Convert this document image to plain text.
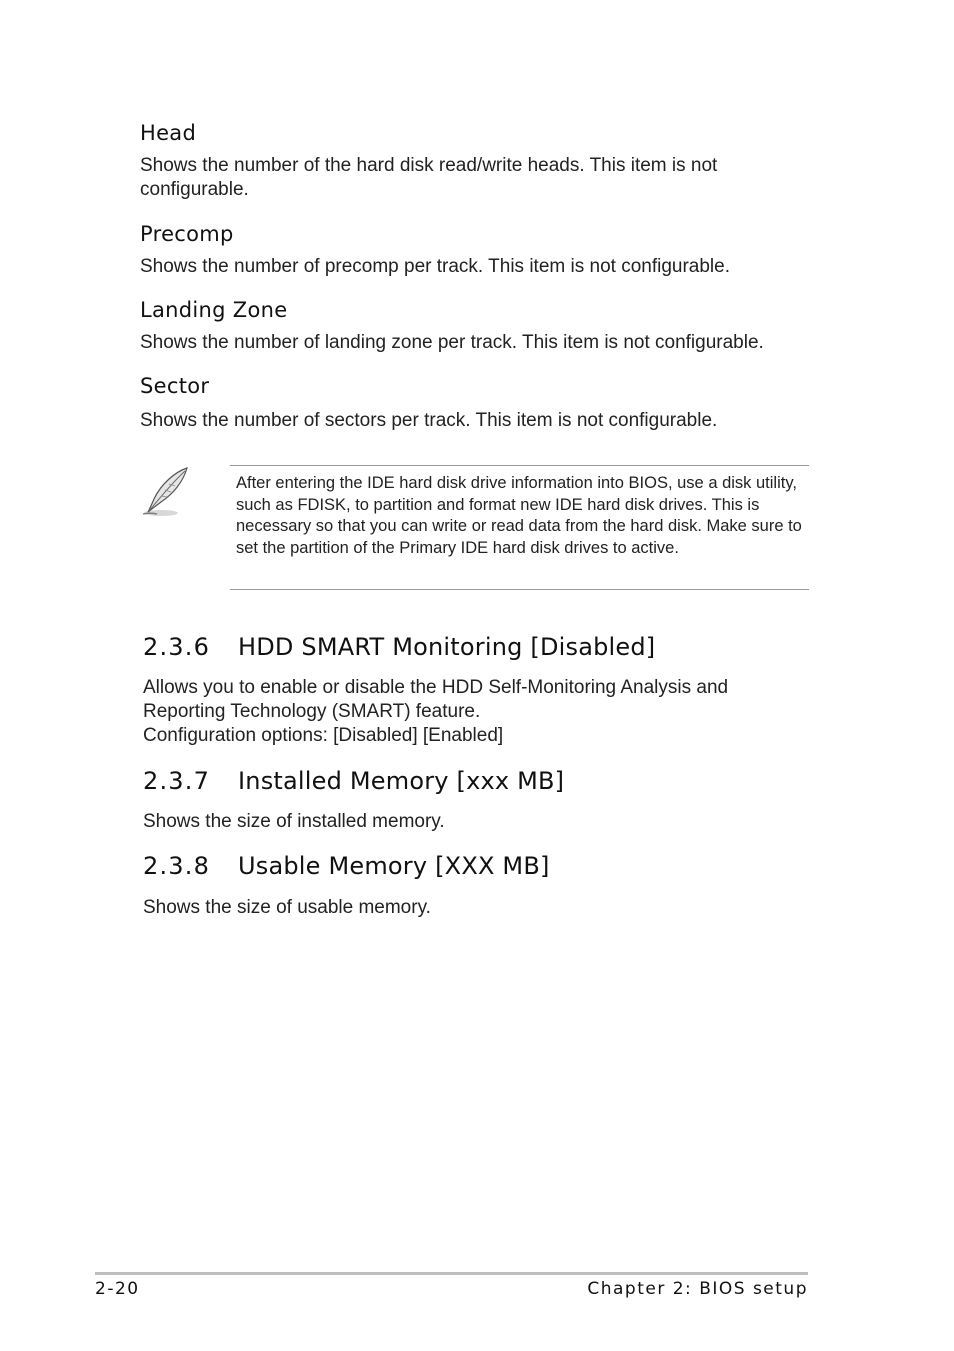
Head
Shows the number of the hard disk read/write heads. This item is not configurable.
Precomp
Shows the number of precomp per track. This item is not configurable.
Landing Zone
Shows the number of landing zone per track. This item is not configurable.
Sector
Shows the number of sectors per track. This item is not configurable.
After entering the IDE hard disk drive information into BIOS, use a disk utility, such as FDISK, to partition and format new IDE hard disk drives. This is necessary so that you can write or read data from the hard disk. Make sure to set the partition of the Primary IDE hard disk drives to active.
2.3.6 HDD SMART Monitoring [Disabled]
Allows you to enable or disable the HDD Self-Monitoring Analysis and
Reporting Technology (SMART) feature.
Configuration options: [Disabled] [Enabled]
2.3.7 Installed Memory [xxx MB]
Shows the size of installed memory.
2.3.8 Usable Memory [XXX MB]
Shows the size of usable memory.
2-20	Chapter 2: BIOS setup
